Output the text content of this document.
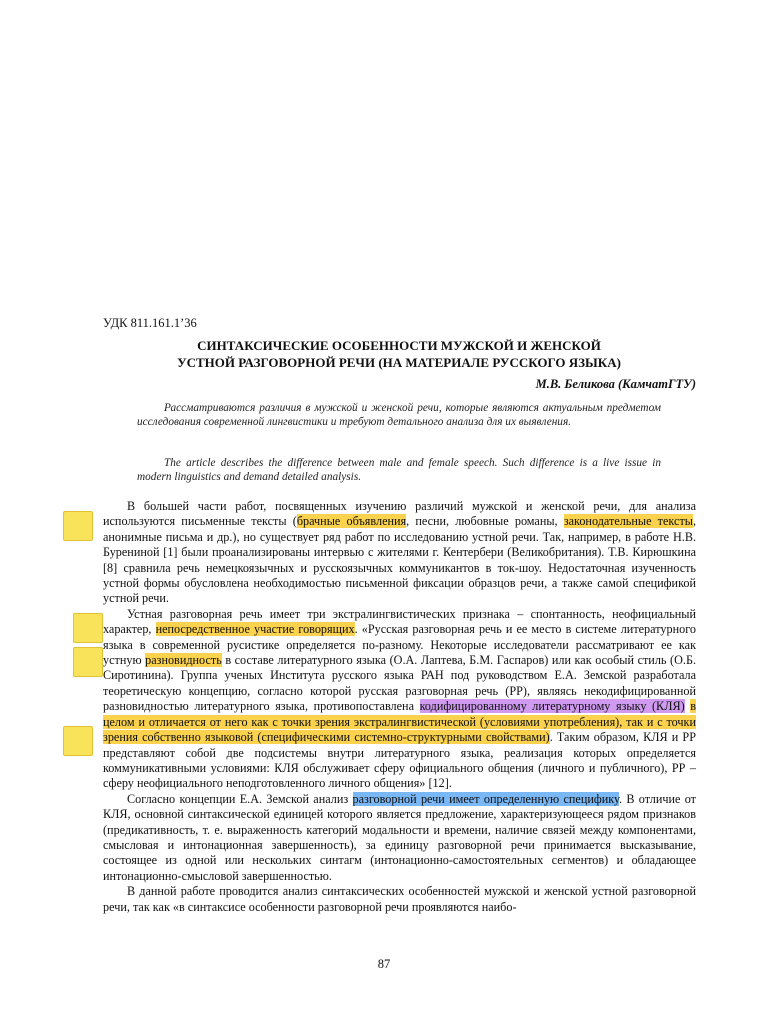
УДК 811.161.1’36
СИНТАКСИЧЕСКИЕ ОСОБЕННОСТИ МУЖСКОЙ И ЖЕНСКОЙ
УСТНОЙ РАЗГОВОРНОЙ РЕЧИ (НА МАТЕРИАЛЕ РУССКОГО ЯЗЫКА)
М.В. Беликова (КамчатГТУ)

Рассматриваются различия в мужской и женской речи, которые являются актуальным предметом исследования современной лингвистики и требуют детального анализа для их выявления.

The article describes the difference between male and female speech. Such difference is a live issue in modern linguistics and demand detailed analysis.

В большей части работ, посвященных изучению различий мужской и женской речи, для анализа используются письменные тексты (брачные объявления, песни, любовные романы, законодательные тексты, анонимные письма и др.), но существует ряд работ по исследованию устной речи. Так, например, в работе Н.В. Бурениной [1] были проанализированы интервью с жителями г. Кентербери (Великобритания). Т.В. Кирюшкина [8] сравнила речь немецкоязычных и русскоязычных коммуникантов в ток-шоу. Недостаточная изученность устной формы обусловлена необходимостью письменной фиксации образцов речи, а также самой спецификой устной речи.

Устная разговорная речь имеет три экстралингвистических признака – спонтанность, неофициальный характер, непосредственное участие говорящих. «Русская разговорная речь и ее место в системе литературного языка в современной русистике определяется по-разному. Некоторые исследователи рассматривают ее как устную разновидность в составе литературного языка (О.А. Лаптева, Б.М. Гаспаров) или как особый стиль (О.Б. Сиротинина). Группа ученых Института русского языка РАН под руководством Е.А. Земской разработала теоретическую концепцию, согласно которой русская разговорная речь (РР), являясь некодифицированной разновидностью литературного языка, противопоставлена кодифицированному литературному языку (КЛЯ) в целом и отличается от него как с точки зрения экстралингвистической (условиями употребления), так и с точки зрения собственно языковой (специфическими системно-структурными свойствами). Таким образом, КЛЯ и РР представляют собой две подсистемы внутри литературного языка, реализация которых определяется коммуникативными условиями: КЛЯ обслуживает сферу официального общения (личного и публичного), РР – сферу неофициального неподготовленного личного общения» [12].

Согласно концепции Е.А. Земской анализ разговорной речи имеет определенную специфику. В отличие от КЛЯ, основной синтаксической единицей которого является предложение, характеризующееся рядом признаков (предикативность, т. е. выраженность категорий модальности и времени, наличие связей между компонентами, смысловая и интонационная завершенность), за единицу разговорной речи принимается высказывание, состоящее из одной или нескольких синтагм (интонационно-самостоятельных сегментов) и обладающее интонационно-смысловой завершенностью.

В данной работе проводится анализ синтаксических особенностей мужской и женской устной разговорной речи, так как «в синтаксисе особенности разговорной речи проявляются наибо-

87
